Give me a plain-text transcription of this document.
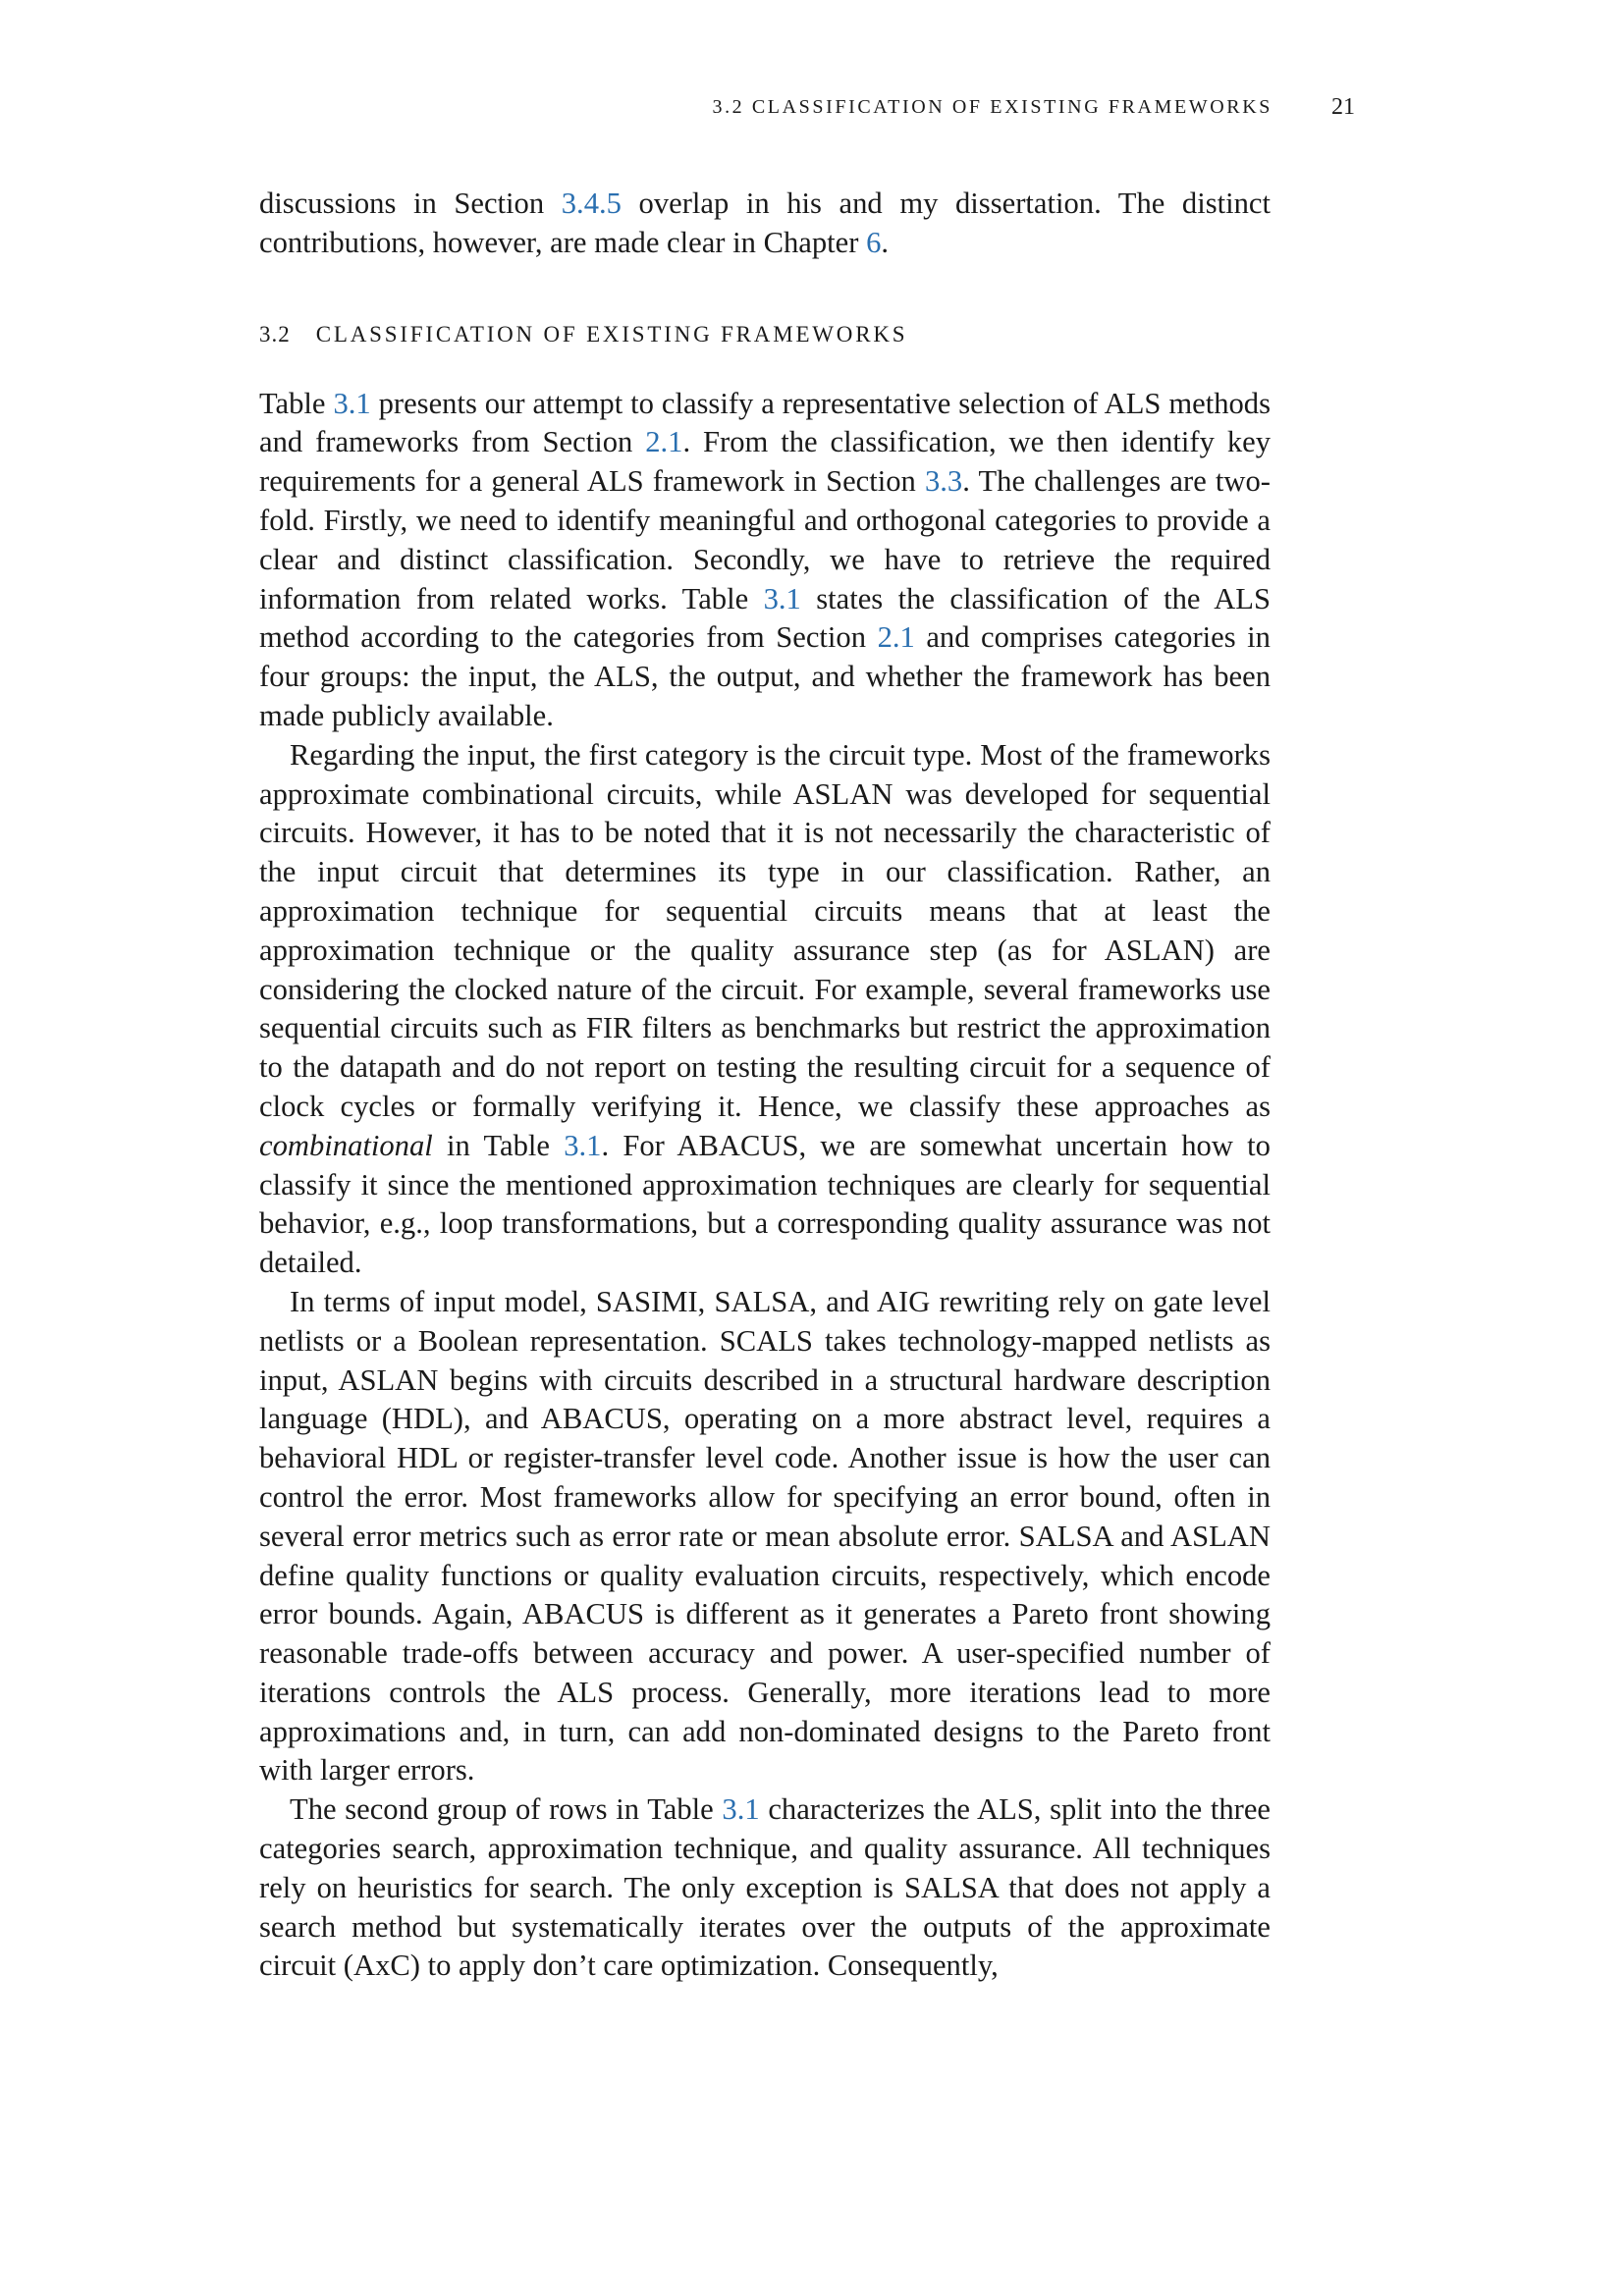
3.2 CLASSIFICATION OF EXISTING FRAMEWORKS	21

discussions in Section 3.4.5 overlap in his and my dissertation. The distinct contributions, however, are made clear in Chapter 6.

3.2 CLASSIFICATION OF EXISTING FRAMEWORKS

Table 3.1 presents our attempt to classify a representative selection of ALS methods and frameworks from Section 2.1. From the classification, we then identify key requirements for a general ALS framework in Section 3.3. The challenges are two-fold. Firstly, we need to identify meaningful and orthogonal categories to provide a clear and distinct classification. Secondly, we have to retrieve the required information from related works. Table 3.1 states the classification of the ALS method according to the categories from Section 2.1 and comprises categories in four groups: the input, the ALS, the output, and whether the framework has been made publicly available.

Regarding the input, the first category is the circuit type. Most of the frameworks approximate combinational circuits, while ASLAN was developed for sequential circuits. However, it has to be noted that it is not necessarily the characteristic of the input circuit that determines its type in our classification. Rather, an approximation technique for sequential circuits means that at least the approximation technique or the quality assurance step (as for ASLAN) are considering the clocked nature of the circuit. For example, several frameworks use sequential circuits such as FIR filters as benchmarks but restrict the approximation to the datapath and do not report on testing the resulting circuit for a sequence of clock cycles or formally verifying it. Hence, we classify these approaches as combinational in Table 3.1. For ABACUS, we are somewhat uncertain how to classify it since the mentioned approximation techniques are clearly for sequential behavior, e.g., loop transformations, but a corresponding quality assurance was not detailed.

In terms of input model, SASIMI, SALSA, and AIG rewriting rely on gate level netlists or a Boolean representation. SCALS takes technology-mapped netlists as input, ASLAN begins with circuits described in a structural hardware description language (HDL), and ABACUS, operating on a more abstract level, requires a behavioral HDL or register-transfer level code. Another issue is how the user can control the error. Most frameworks allow for specifying an error bound, often in several error metrics such as error rate or mean absolute error. SALSA and ASLAN define quality functions or quality evaluation circuits, respectively, which encode error bounds. Again, ABACUS is different as it generates a Pareto front showing reasonable trade-offs between accuracy and power. A user-specified number of iterations controls the ALS process. Generally, more iterations lead to more approximations and, in turn, can add non-dominated designs to the Pareto front with larger errors.

The second group of rows in Table 3.1 characterizes the ALS, split into the three categories search, approximation technique, and quality assurance. All techniques rely on heuristics for search. The only exception is SALSA that does not apply a search method but systematically iterates over the outputs of the approximate circuit (AxC) to apply don’t care optimization. Consequently,
